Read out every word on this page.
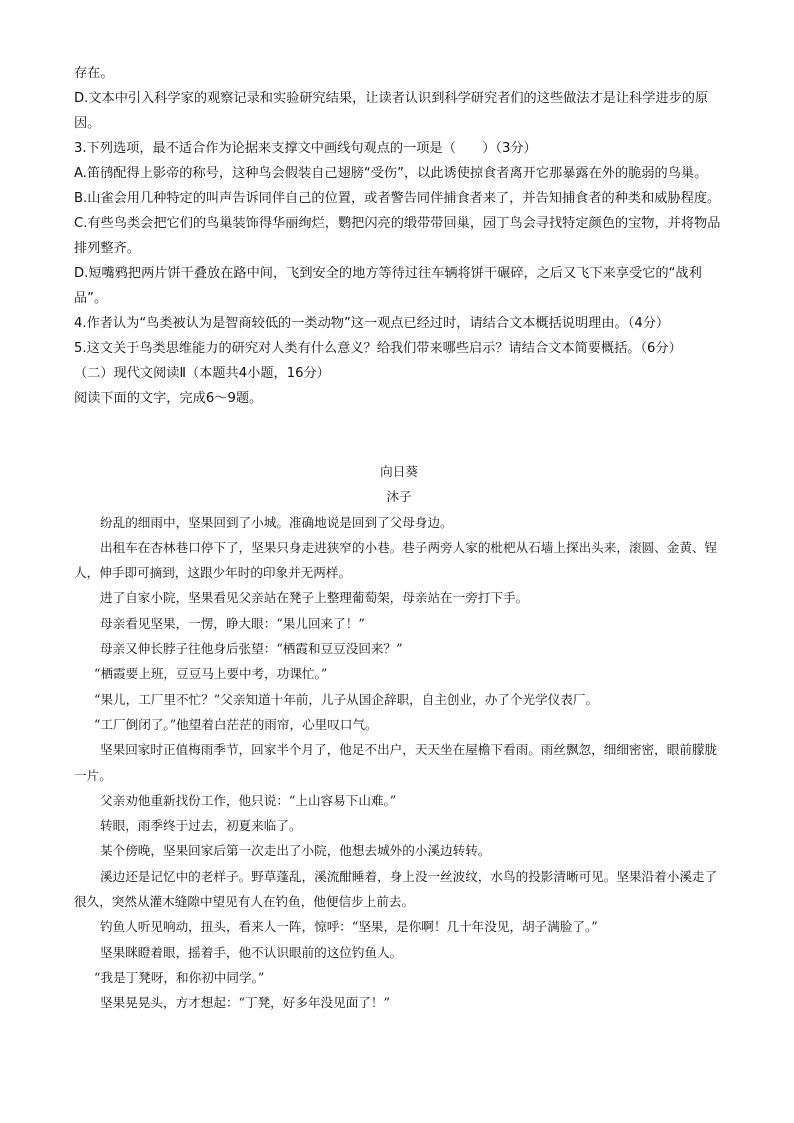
存在。
D.文本中引入科学家的观察记录和实验研究结果，让读者认识到科学研究者们的这些做法才是让科学进步的原因。
3.下列选项，最不适合作为论据来支撑文中画线句观点的一项是（　　）（3分）
A.笛鸻配得上影帝的称号，这种鸟会假装自己翅膀“受伤”，以此诱使掠食者离开它那暴露在外的脆弱的鸟巢。
B.山雀会用几种特定的叫声告诉同伴自己的位置，或者警告同伴捕食者来了，并告知捕食者的种类和威胁程度。
C.有些鸟类会把它们的鸟巢装饰得华丽绚烂，鹦把闪亮的缎带带回巢，园丁鸟会寻找特定颜色的宝物，并将物品排列整齐。
D.短嘴鸦把两片饼干叠放在路中间，飞到安全的地方等待过往车辆将饼干碾碎，之后又飞下来享受它的“战利品”。
4.作者认为“鸟类被认为是智商较低的一类动物”这一观点已经过时，请结合文本概括说明理由。（4分）
5.这文关于鸟类思维能力的研究对人类有什么意义？给我们带来哪些启示？请结合文本简要概括。（6分）
（二）现代文阅读Ⅱ（本题共4小题，16分）
阅读下面的文字，完成6～9题。
向日葵
沐子
纷乱的细雨中，坚果回到了小城。准确地说是回到了父母身边。
出租车在杏林巷口停下了，坚果只身走进狭窄的小巷。巷子两旁人家的枇杷从石墙上探出头来，滚圆、金黄、锃人，伸手即可摘到，这跟少年时的印象并无两样。
进了自家小院，坚果看见父亲站在凳子上整理葡萄架，母亲站在一旁打下手。
母亲看见坚果，一愣，睁大眼：“果儿回来了！”
母亲又伸长脖子往他身后张望：“栖霞和豆豆没回来？”
“栖霞要上班，豆豆马上要中考，功课忙。”
“果儿，工厂里不忙？”父亲知道十年前，儿子从国企辞职，自主创业，办了个光学仪表厂。
“工厂倒闭了。”他望着白茫茫的雨帘，心里叹口气。
坚果回家时正值梅雨季节，回家半个月了，他足不出户，天天坐在屋檐下看雨。雨丝飘忽，细细密密，眼前朦胧一片。
父亲劝他重新找份工作，他只说：“上山容易下山难。”
转眼，雨季终于过去，初夏来临了。
某个傍晚，坚果回家后第一次走出了小院，他想去城外的小溪边转转。
溪边还是记忆中的老样子。野草蓬乱，溪流酣睡着，身上没一丝波纹，水鸟的投影清晰可见。坚果沿着小溪走了很久，突然从灌木缝隙中望见有人在钓鱼，他便信步上前去。
钓鱼人听见响动，扭头，看来人一阵，惊呼：“坚果，是你啊！几十年没见，胡子满脸了。”
坚果眯瞪着眼，摇着手，他不认识眼前的这位钓鱼人。
“我是丁凳呀，和你初中同学。”
坚果晃晃头，方才想起：“丁凳，好多年没见面了！”
